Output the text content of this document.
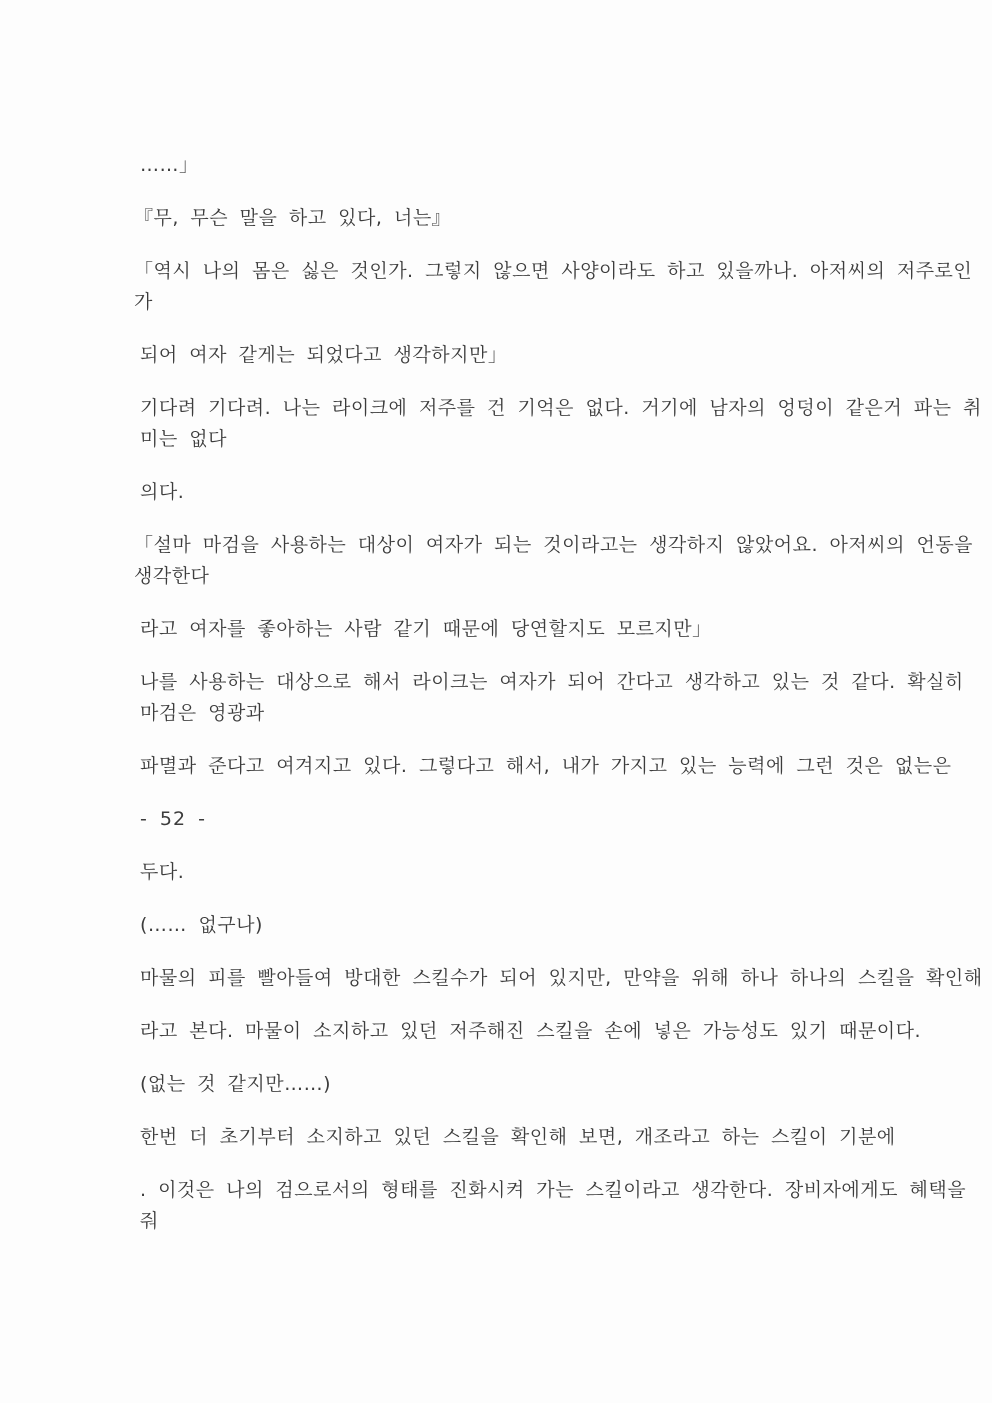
……」

『무, 무슨 말을 하고 있다, 너는』

「역시 나의 몸은 싫은 것인가. 그렇지 않으면 사양이라도 하고 있을까나. 아저씨의 저주로인
가

되어 여자 같게는 되었다고 생각하지만」

기다려 기다려. 나는 라이크에 저주를 건 기억은 없다. 거기에 남자의 엉덩이 같은거 파는 취
미는 없다

의다.

「설마 마검을 사용하는 대상이 여자가 되는 것이라고는 생각하지 않았어요. 아저씨의 언동을
생각한다

라고 여자를 좋아하는 사람 같기 때문에 당연할지도 모르지만」

나를 사용하는 대상으로 해서 라이크는 여자가 되어 간다고 생각하고 있는 것 같다. 확실히
마검은 영광과

파멸과 준다고 여겨지고 있다. 그렇다고 해서, 내가 가지고 있는 능력에 그런 것은 없는은

- 52 -

두다.

(…… 없구나)

마물의 피를 빨아들여 방대한 스킬수가 되어 있지만, 만약을 위해 하나 하나의 스킬을 확인해

라고 본다. 마물이 소지하고 있던 저주해진 스킬을 손에 넣은 가능성도 있기 때문이다.

(없는 것 같지만……)

한번 더 초기부터 소지하고 있던 스킬을 확인해 보면, 개조라고 하는 스킬이 기분에

. 이것은 나의 검으로서의 형태를 진화시켜 가는 스킬이라고 생각한다. 장비자에게도 혜택을
줘
